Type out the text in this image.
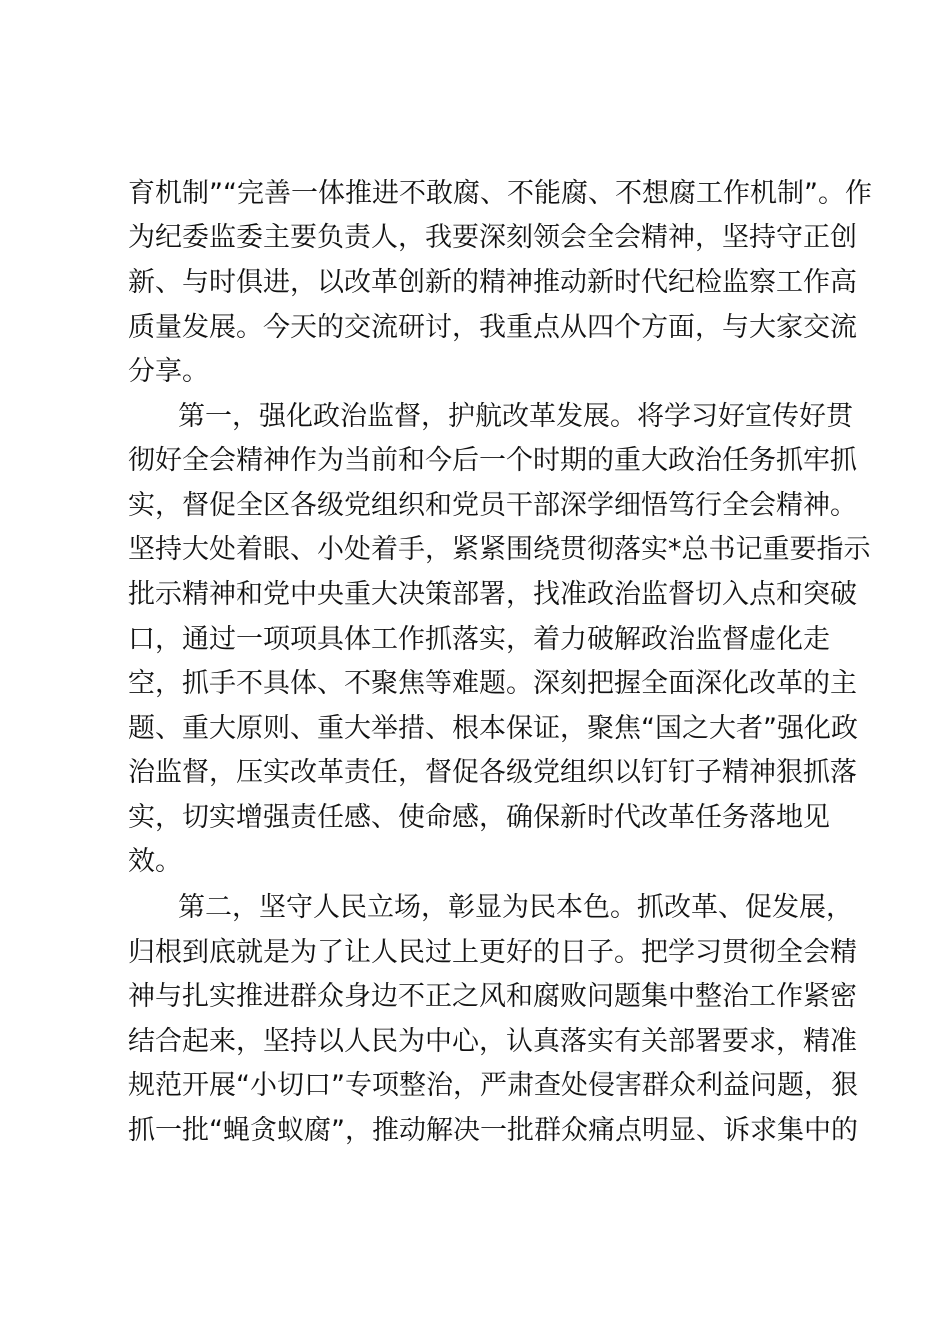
育机制”“完善一体推进不敢腐、不能腐、不想腐工作机制”。作
为纪委监委主要负责人，我要深刻领会全会精神，坚持守正创
新、与时俱进，以改革创新的精神推动新时代纪检监察工作高
质量发展。今天的交流研讨，我重点从四个方面，与大家交流
分享。
第一，强化政治监督，护航改革发展。将学习好宣传好贯
彻好全会精神作为当前和今后一个时期的重大政治任务抓牢抓
实，督促全区各级党组织和党员干部深学细悟笃行全会精神。
坚持大处着眼、小处着手，紧紧围绕贯彻落实*总书记重要指示
批示精神和党中央重大决策部署，找准政治监督切入点和突破
口，通过一项项具体工作抓落实，着力破解政治监督虚化走
空，抓手不具体、不聚焦等难题。深刻把握全面深化改革的主
题、重大原则、重大举措、根本保证，聚焦“国之大者”强化政
治监督，压实改革责任，督促各级党组织以钉钉子精神狠抓落
实，切实增强责任感、使命感，确保新时代改革任务落地见
效。
第二，坚守人民立场，彰显为民本色。抓改革、促发展，
归根到底就是为了让人民过上更好的日子。把学习贯彻全会精
神与扎实推进群众身边不正之风和腐败问题集中整治工作紧密
结合起来，坚持以人民为中心，认真落实有关部署要求，精准
规范开展“小切口”专项整治，严肃查处侵害群众利益问题，狠
抓一批“蝇贪蚁腐”，推动解决一批群众痛点明显、诉求集中的
